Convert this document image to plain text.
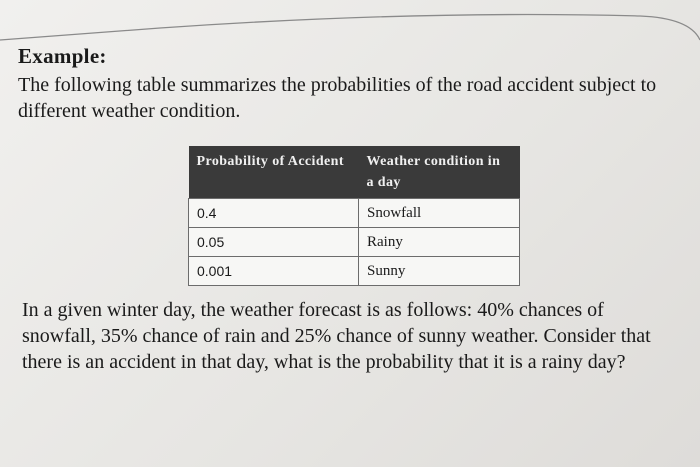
Example:
The following table summarizes the probabilities of the road accident subject to different weather condition.
Probability of Accident	Weather condition in a day
0.4	Snowfall
0.05	Rainy
0.001	Sunny
In a given winter day, the weather forecast is as follows: 40% chances of snowfall, 35% chance of rain and 25% chance of sunny weather. Consider that there is an accident in that day, what is the probability that it is a rainy day?
